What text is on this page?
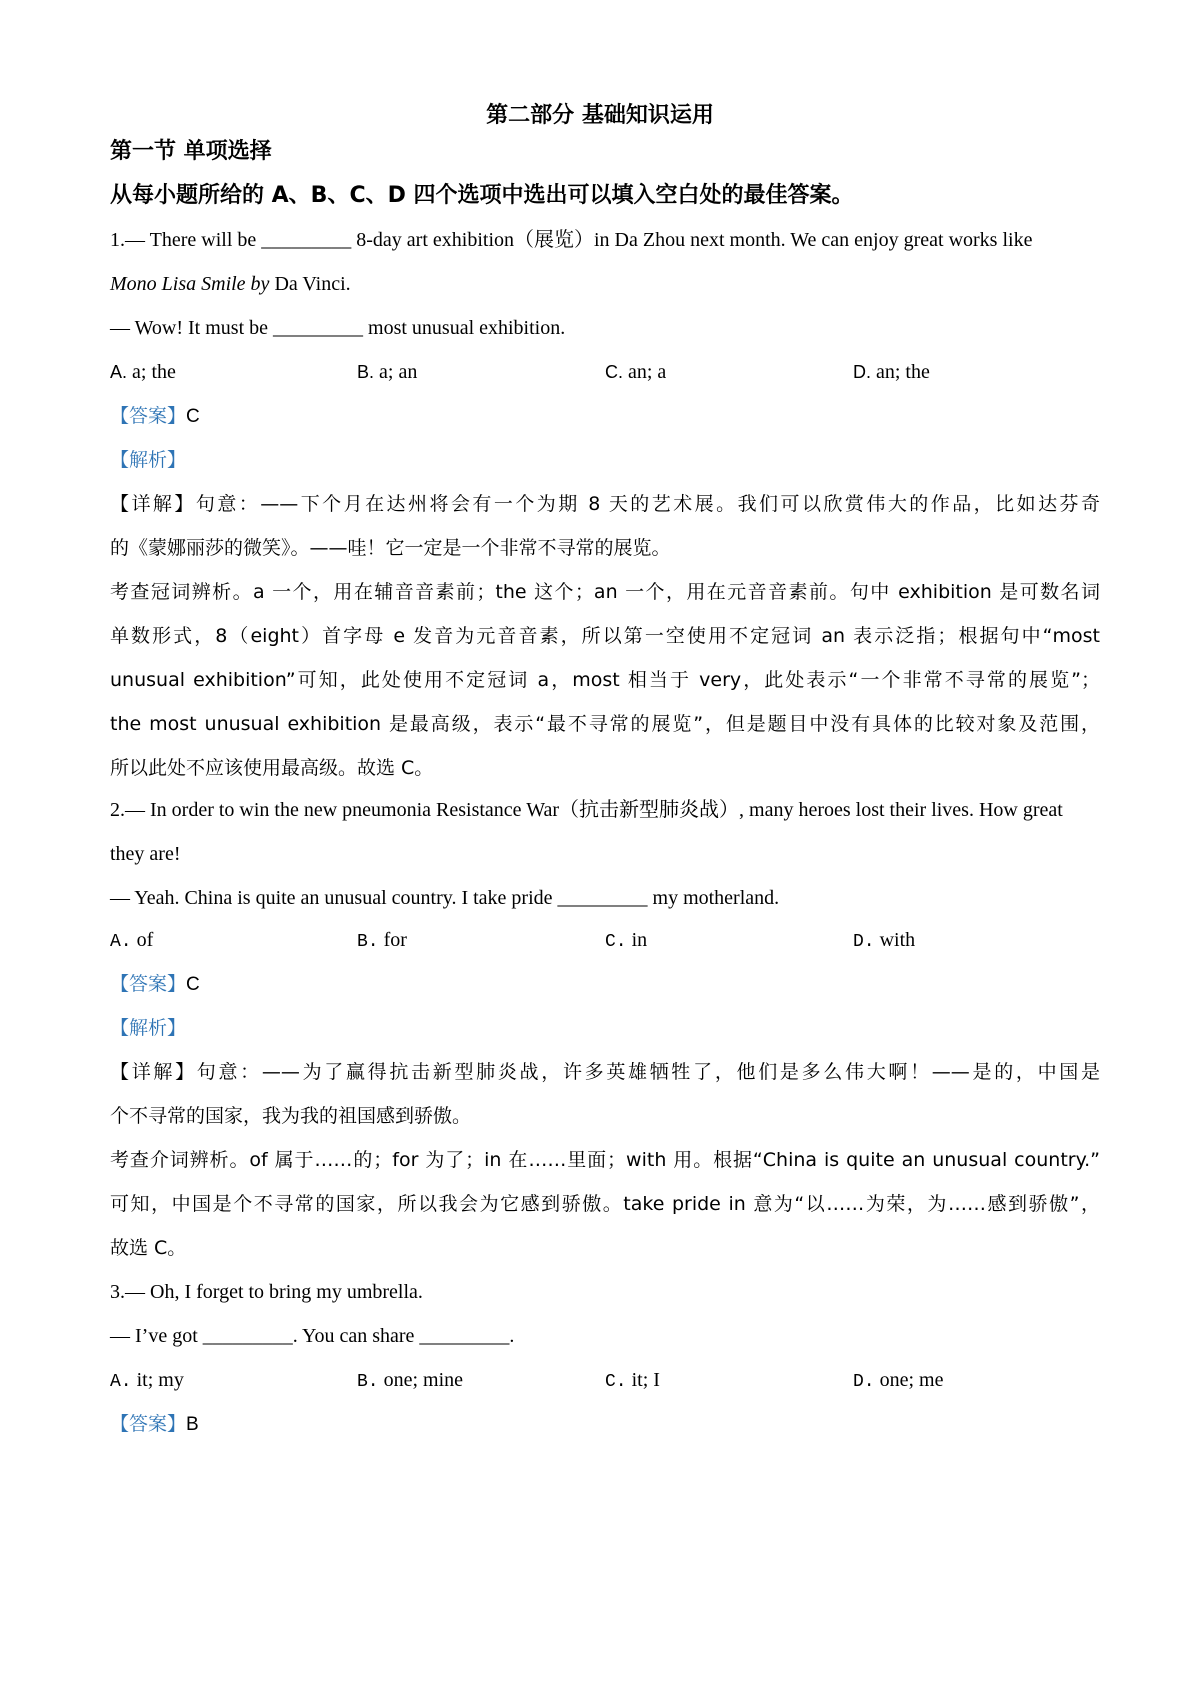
第二部分 基础知识运用
第一节 单项选择
从每小题所给的 A、B、C、D 四个选项中选出可以填入空白处的最佳答案。
1.— There will be _________ 8-day art exhibition（展览）in Da Zhou next month. We can enjoy great works like
Mono Lisa Smile by Da Vinci.
— Wow! It must be _________ most unusual exhibition.
A. a; the	B. a; an	C. an; a	D. an; the
【答案】C
【解析】
【详解】句意：——下个月在达州将会有一个为期 8 天的艺术展。我们可以欣赏伟大的作品，比如达芬奇
的《蒙娜丽莎的微笑》。——哇！它一定是一个非常不寻常的展览。
考查冠词辨析。a 一个，用在辅音音素前；the 这个；an 一个，用在元音音素前。句中 exhibition 是可数名词
单数形式，8（eight）首字母 e 发音为元音音素，所以第一空使用不定冠词 an 表示泛指；根据句中“most
unusual exhibition”可知，此处使用不定冠词 a，most 相当于 very，此处表示“一个非常不寻常的展览”；
the most unusual exhibition 是最高级，表示“最不寻常的展览”，但是题目中没有具体的比较对象及范围，
所以此处不应该使用最高级。故选 C。
2.— In order to win the new pneumonia Resistance War（抗击新型肺炎战）, many heroes lost their lives. How great
they are!
— Yeah. China is quite an unusual country. I take pride _________ my motherland.
A. of	B. for	C. in	D. with
【答案】C
【解析】
【详解】句意：——为了赢得抗击新型肺炎战，许多英雄牺牲了，他们是多么伟大啊！——是的，中国是
个不寻常的国家，我为我的祖国感到骄傲。
考查介词辨析。of 属于……的；for 为了；in 在……里面；with 用。根据“China is quite an unusual country.”
可知，中国是个不寻常的国家，所以我会为它感到骄傲。take pride in 意为“以……为荣，为……感到骄傲”，
故选 C。
3.— Oh, I forget to bring my umbrella.
— I’ve got _________. You can share _________.
A. it; my	B. one; mine	C. it; I	D. one; me
【答案】B
